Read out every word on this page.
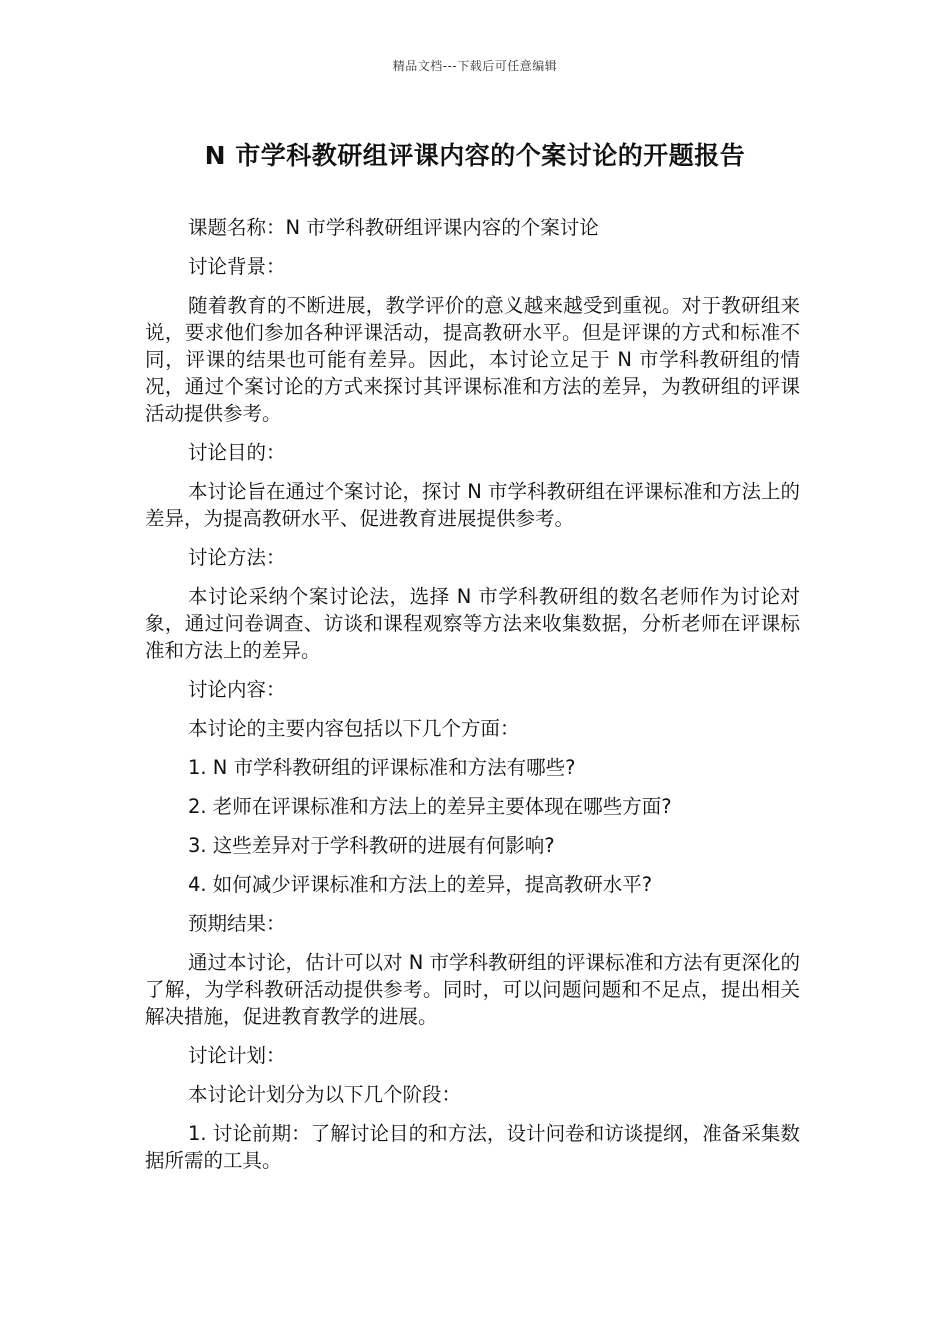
精品文档---下载后可任意编辑
N 市学科教研组评课内容的个案讨论的开题报告

课题名称：N 市学科教研组评课内容的个案讨论

讨论背景：

随着教育的不断进展，教学评价的意义越来越受到重视。对于教研组来说，要求他们参加各种评课活动，提高教研水平。但是评课的方式和标准不同，评课的结果也可能有差异。因此，本讨论立足于 N 市学科教研组的情况，通过个案讨论的方式来探讨其评课标准和方法的差异，为教研组的评课活动提供参考。

讨论目的：

本讨论旨在通过个案讨论，探讨 N 市学科教研组在评课标准和方法上的差异，为提高教研水平、促进教育进展提供参考。

讨论方法：

本讨论采纳个案讨论法，选择 N 市学科教研组的数名老师作为讨论对象，通过问卷调查、访谈和课程观察等方法来收集数据，分析老师在评课标准和方法上的差异。

讨论内容：

本讨论的主要内容包括以下几个方面：

1. N 市学科教研组的评课标准和方法有哪些?

2. 老师在评课标准和方法上的差异主要体现在哪些方面?

3. 这些差异对于学科教研的进展有何影响?

4. 如何减少评课标准和方法上的差异，提高教研水平?

预期结果：

通过本讨论，估计可以对 N 市学科教研组的评课标准和方法有更深化的了解，为学科教研活动提供参考。同时，可以问题问题和不足点，提出相关解决措施，促进教育教学的进展。

讨论计划：

本讨论计划分为以下几个阶段：

1. 讨论前期：了解讨论目的和方法，设计问卷和访谈提纲，准备采集数据所需的工具。
